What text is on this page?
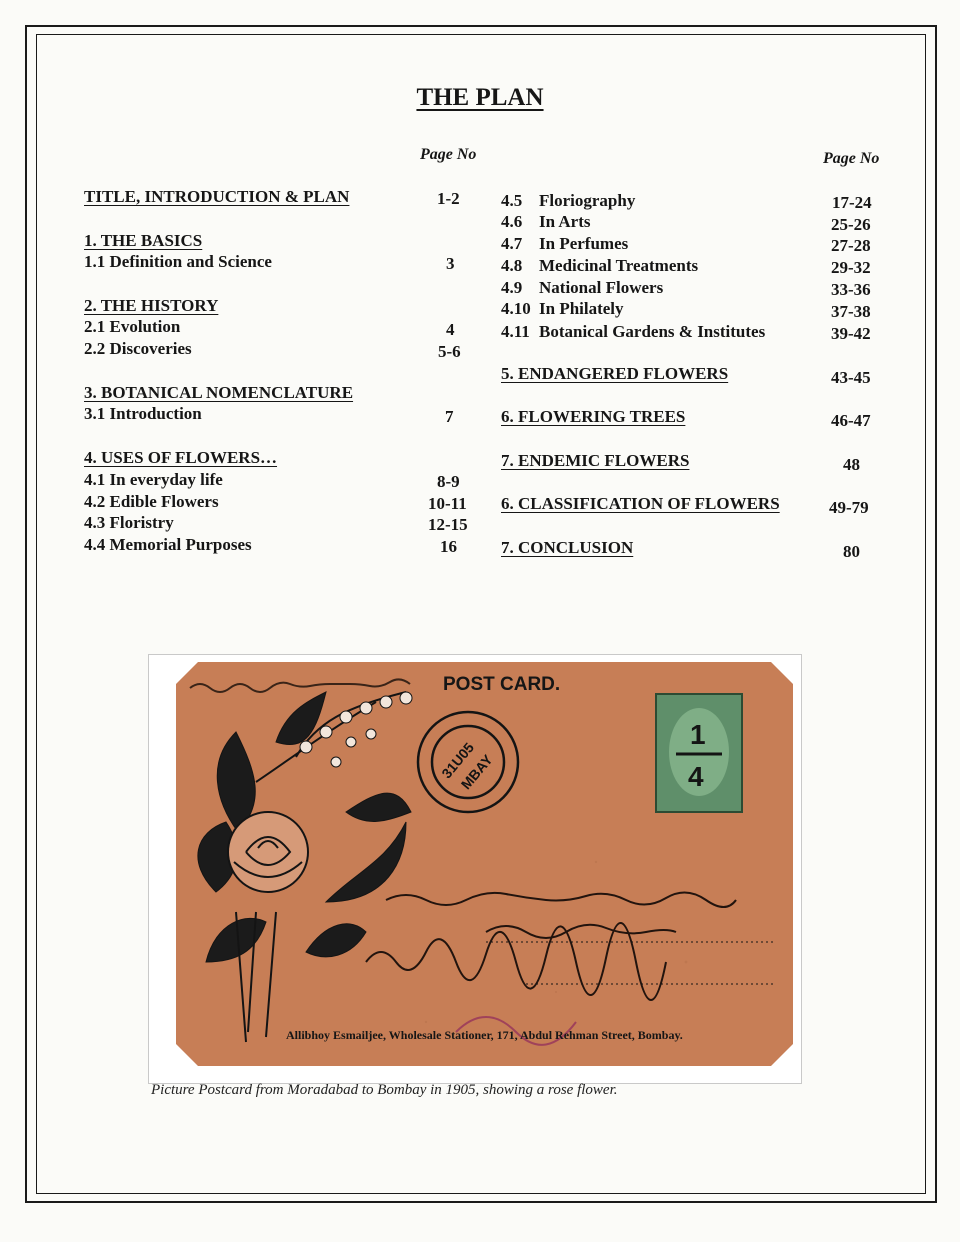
THE PLAN
Page No	Page No
TITLE, INTRODUCTION & PLAN	1-2
1. THE BASICS
1.1 Definition and Science	3
2. THE HISTORY
2.1 Evolution	4
2.2 Discoveries	5-6
3. BOTANICAL NOMENCLATURE
3.1 Introduction	7
4. USES OF FLOWERS…
4.1 In everyday life	8-9
4.2 Edible Flowers	10-11
4.3 Floristry	12-15
4.4 Memorial Purposes	16
4.5 Floriography	17-24
4.6 In Arts	25-26
4.7 In Perfumes	27-28
4.8 Medicinal Treatments	29-32
4.9 National Flowers	33-36
4.10 In Philately	37-38
4.11 Botanical Gardens & Institutes	39-42
5. ENDANGERED FLOWERS	43-45
6. FLOWERING TREES	46-47
7. ENDEMIC FLOWERS	48
6. CLASSIFICATION OF FLOWERS	49-79
7. CONCLUSION	80
31U05
MBAY
1
4
POST CARD.
Allibhoy Esmailjee, Wholesale Stationer, 171, Abdul Rehman Street, Bombay.
Picture Postcard from Moradabad to Bombay in 1905, showing a rose flower.
